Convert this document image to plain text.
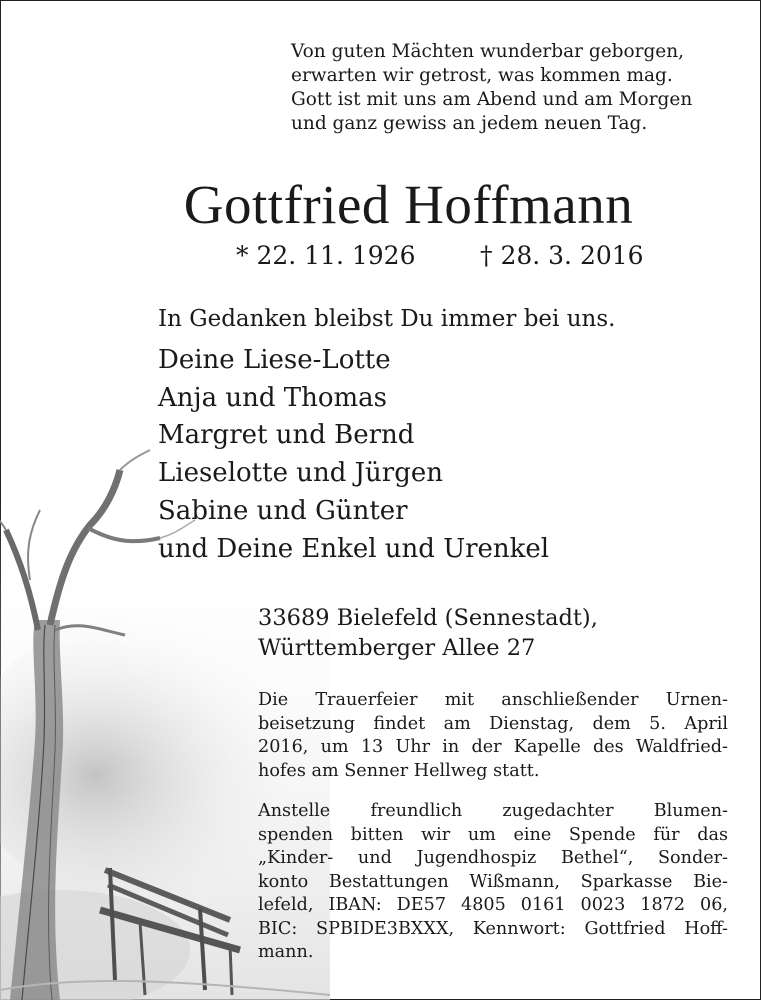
Von guten Mächten wunderbar geborgen,
erwarten wir getrost, was kommen mag.
Gott ist mit uns am Abend und am Morgen
und ganz gewiss an jedem neuen Tag.
Gottfried Hoffmann
* 22. 11. 1926	† 28. 3. 2016
In Gedanken bleibst Du immer bei uns.
Deine Liese-Lotte
Anja und Thomas
Margret und Bernd
Lieselotte und Jürgen
Sabine und Günter
und Deine Enkel und Urenkel
33689 Bielefeld (Sennestadt),
Württemberger Allee 27
Die Trauerfeier mit anschließender Urnen-
beisetzung findet am Dienstag, dem 5. April
2016, um 13 Uhr in der Kapelle des Waldfried-
hofes am Senner Hellweg statt.
Anstelle freundlich zugedachter Blumen-
spenden bitten wir um eine Spende für das
„Kinder- und Jugendhospiz Bethel“, Sonder-
konto Bestattungen Wißmann, Sparkasse Bie-
lefeld, IBAN: DE57 4805 0161 0023 1872 06,
BIC: SPBIDE3BXXX, Kennwort: Gottfried Hoff-
mann.
